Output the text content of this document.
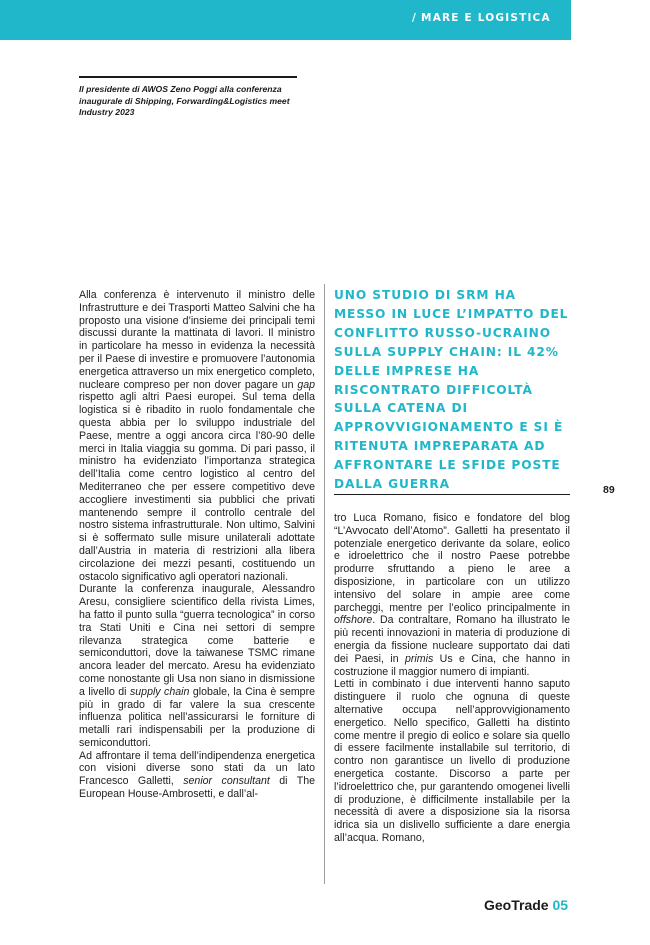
/ MARE E LOGISTICA
Il presidente di AWOS Zeno Poggi alla conferenza inaugurale di Shipping, Forwarding&Logistics meet Industry 2023

Alla conferenza è intervenuto il ministro delle Infrastrutture e dei Trasporti Matteo Salvini che ha proposto una visione d’insieme dei principali temi discussi durante la mattinata di lavori. Il ministro in particolare ha messo in evidenza la necessità per il Paese di investire e promuovere l’autonomia energetica attraverso un mix energetico completo, nucleare compreso per non dover pagare un gap rispetto agli altri Paesi europei. Sul tema della logistica si è ribadito in ruolo fondamentale che questa abbia per lo sviluppo industriale del Paese, mentre a oggi ancora circa l’80-90 delle merci in Italia viaggia su gomma. Di pari passo, il ministro ha evidenziato l’importanza strategica dell’Italia come centro logistico al centro del Mediterraneo che per essere competitivo deve accogliere investimenti sia pubblici che privati mantenendo sempre il controllo centrale del nostro sistema infrastrutturale. Non ultimo, Salvini si è soffermato sulle misure unilaterali adottate dall’Austria in materia di restrizioni alla libera circolazione dei mezzi pesanti, costituendo un ostacolo significativo agli operatori nazionali.

Durante la conferenza inaugurale, Alessandro Aresu, consigliere scientifico della rivista Limes, ha fatto il punto sulla “guerra tecnologica” in corso tra Stati Uniti e Cina nei settori di sempre rilevanza strategica come batterie e semiconduttori, dove la taiwanese TSMC rimane ancora leader del mercato. Aresu ha evidenziato come nonostante gli Usa non siano in dismissione a livello di supply chain globale, la Cina è sempre più in grado di far valere la sua crescente influenza politica nell’assicurarsi le forniture di metalli rari indispensabili per la produzione di semiconduttori.

Ad affrontare il tema dell’indipendenza energetica con visioni diverse sono stati da un lato Francesco Galletti, senior consultant di The European House-Ambrosetti, e dall’al-

UNO STUDIO DI SRM HA MESSO IN LUCE L’IMPATTO DEL CONFLITTO RUSSO-UCRAINO SULLA SUPPLY CHAIN: IL 42% DELLE IMPRESE HA RISCONTRATO DIFFICOLTÀ SULLA CATENA DI APPROVVIGIONAMENTO E SI È RITENUTA IMPREPARATA AD AFFRONTARE LE SFIDE POSTE DALLA GUERRA

tro Luca Romano, fisico e fondatore del blog “L’Avvocato dell’Atomo”. Galletti ha presentato il potenziale energetico derivante da solare, eolico e idroelettrico che il nostro Paese potrebbe produrre sfruttando a pieno le aree a disposizione, in particolare con un utilizzo intensivo del solare in ampie aree come parcheggi, mentre per l’eolico principalmente in offshore. Da contraltare, Romano ha illustrato le più recenti innovazioni in materia di produzione di energia da fissione nucleare supportato dai dati dei Paesi, in primis Us e Cina, che hanno in costruzione il maggior numero di impianti.

Letti in combinato i due interventi hanno saputo distinguere il ruolo che ognuna di queste alternative occupa nell’approvvigionamento energetico. Nello specifico, Galletti ha distinto come mentre il pregio di eolico e solare sia quello di essere facilmente installabile sul territorio, di contro non garantisce un livello di produzione energetica costante. Discorso a parte per l’idroelettrico che, pur garantendo omogenei livelli di produzione, è difficilmente installabile per la necessità di avere a disposizione sia la risorsa idrica sia un dislivello sufficiente a dare energia all’acqua. Romano,

89
GeoTrade 05
